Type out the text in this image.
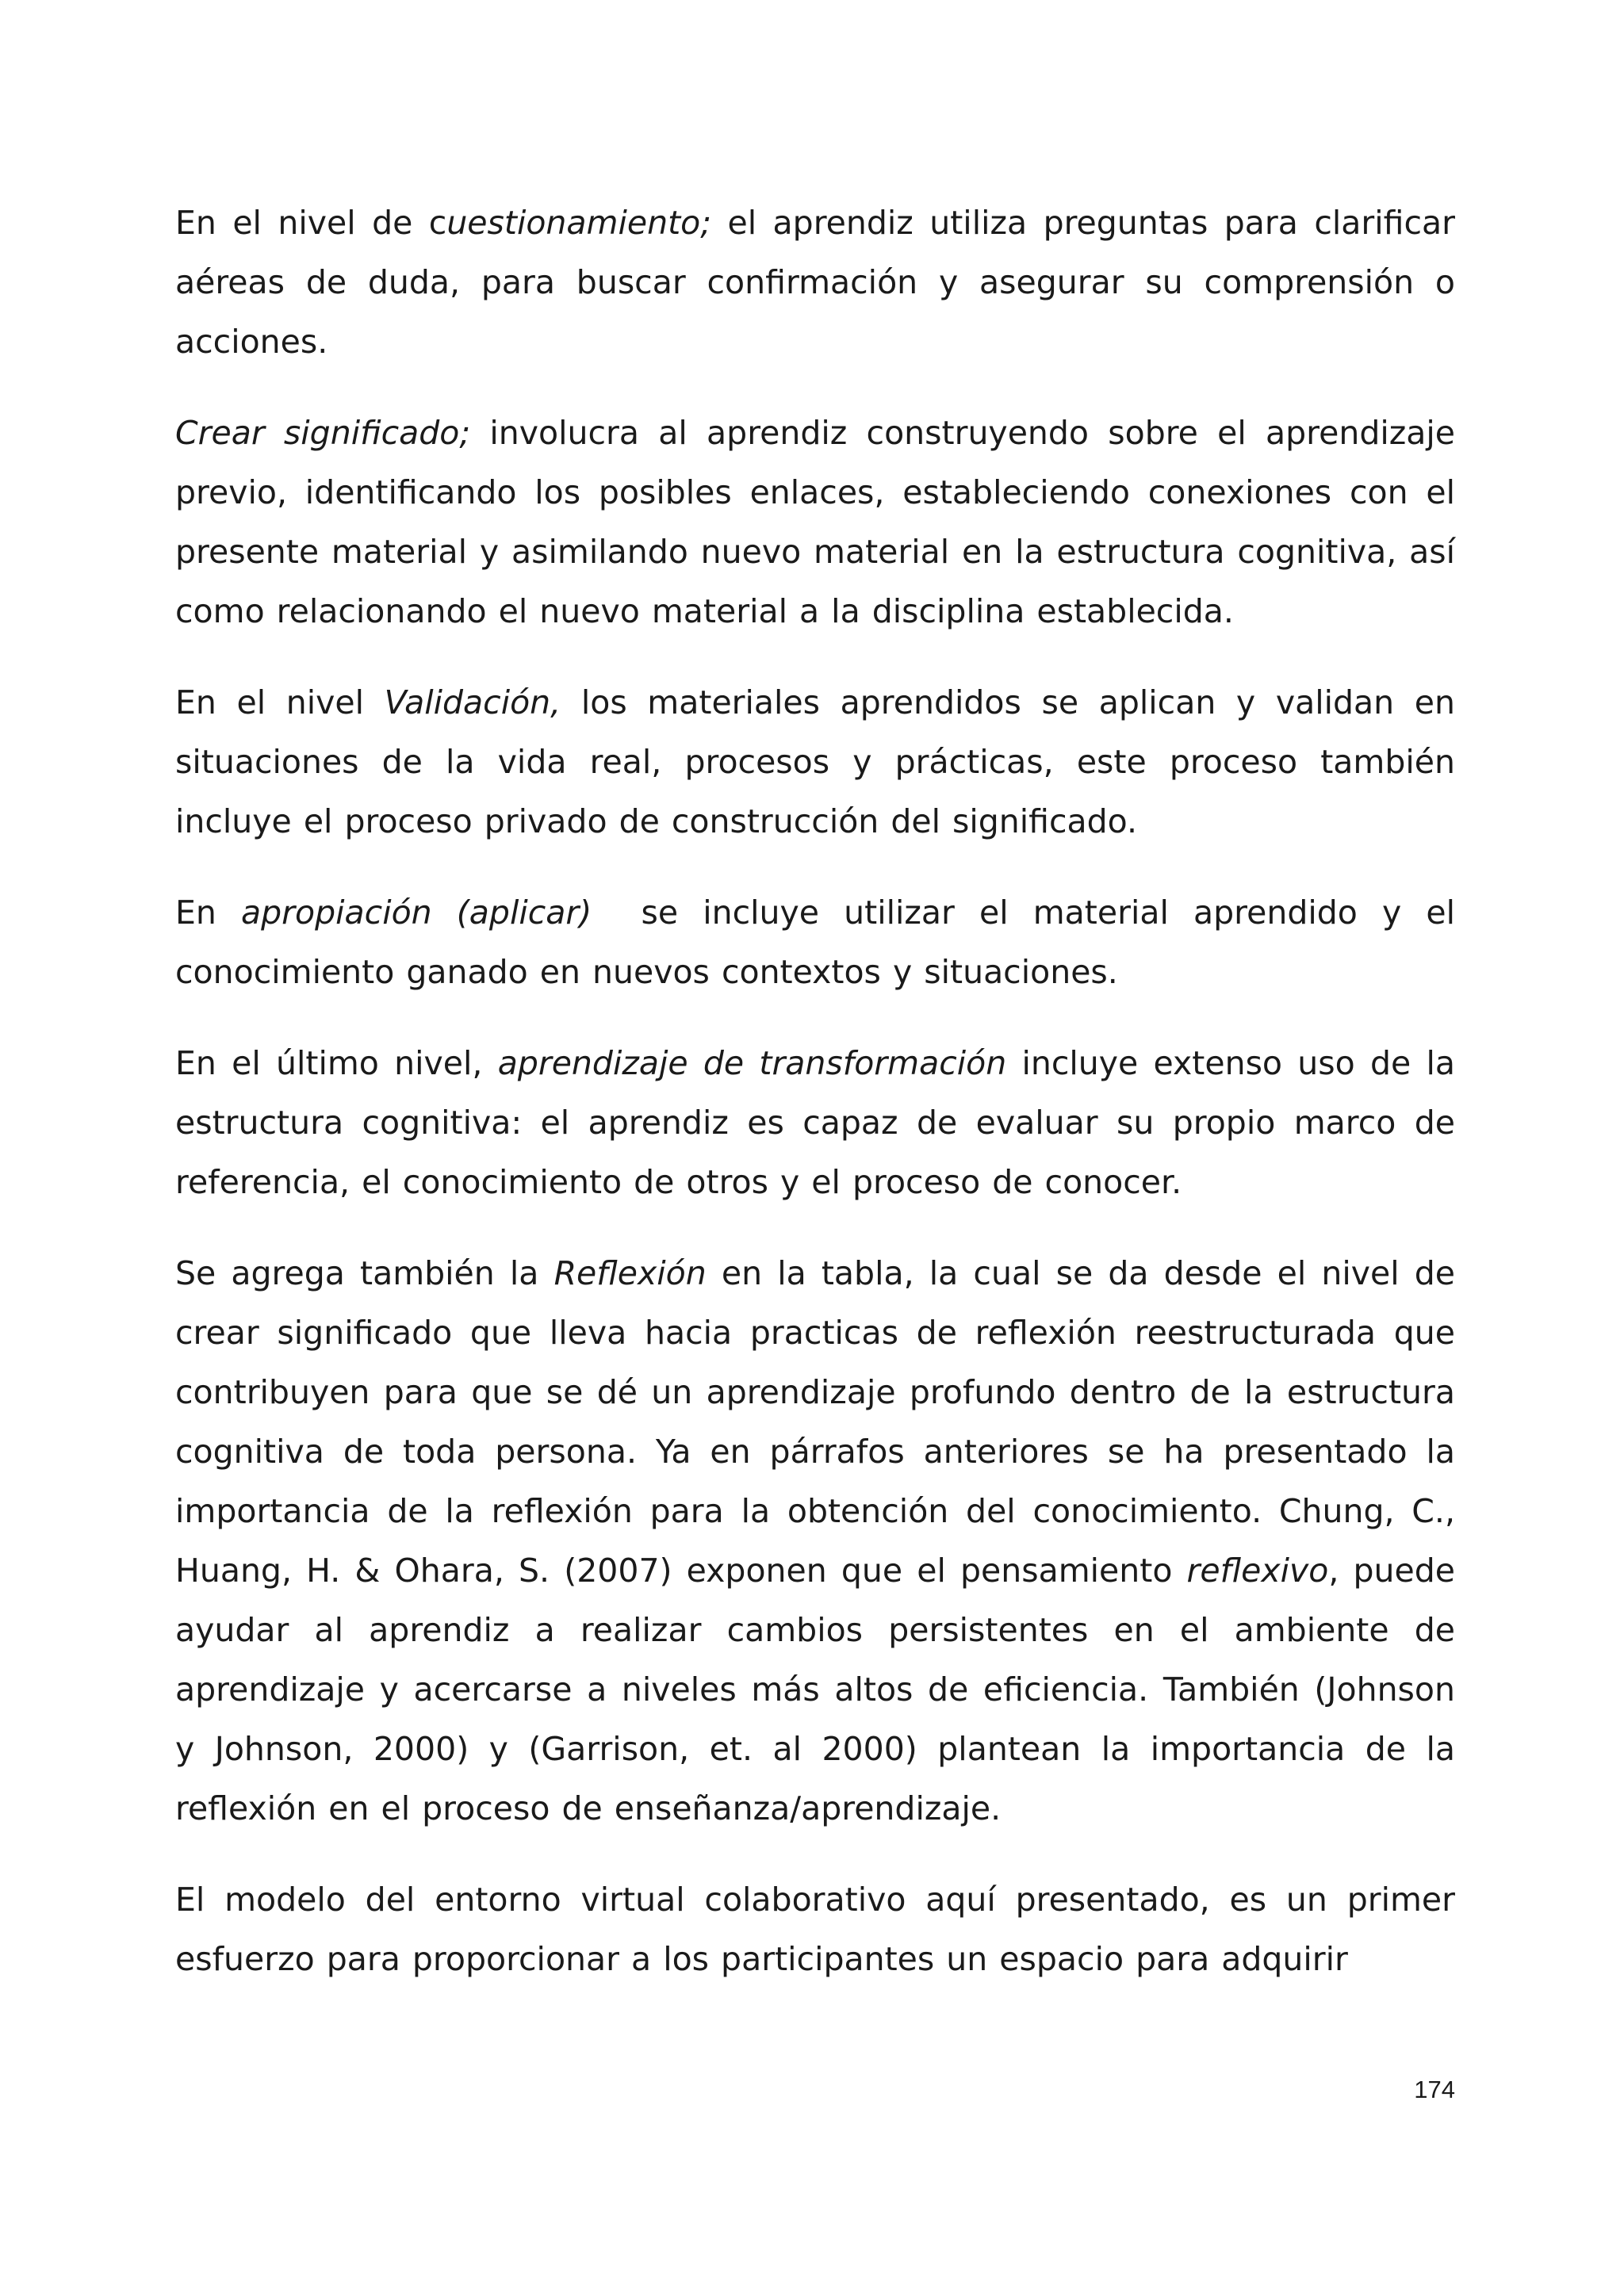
En el nivel de cuestionamiento; el aprendiz utiliza preguntas para clarificar aéreas de duda, para buscar confirmación y asegurar su comprensión o acciones.

Crear significado; involucra al aprendiz construyendo sobre el aprendizaje previo, identificando los posibles enlaces, estableciendo conexiones con el presente material y asimilando nuevo material en la estructura cognitiva, así como relacionando el nuevo material a la disciplina establecida.

En el nivel Validación, los materiales aprendidos se aplican y validan en situaciones de la vida real, procesos y prácticas, este proceso también incluye el proceso privado de construcción del significado.

En apropiación (aplicar)  se incluye utilizar el material aprendido y el conocimiento ganado en nuevos contextos y situaciones.

En el último nivel, aprendizaje de transformación incluye extenso uso de la estructura cognitiva: el aprendiz es capaz de evaluar su propio marco de referencia, el conocimiento de otros y el proceso de conocer.

Se agrega también la Reflexión en la tabla, la cual se da desde el nivel de crear significado que lleva hacia practicas de reflexión reestructurada que contribuyen para que se dé un aprendizaje profundo dentro de la estructura cognitiva de toda persona. Ya en párrafos anteriores se ha presentado la importancia de la reflexión para la obtención del conocimiento. Chung, C., Huang, H. & Ohara, S. (2007) exponen que el pensamiento reflexivo, puede ayudar al aprendiz a realizar cambios persistentes en el ambiente de aprendizaje y acercarse a niveles más altos de eficiencia. También (Johnson y Johnson, 2000) y (Garrison, et. al 2000) plantean la importancia de la reflexión en el proceso de enseñanza/aprendizaje.

El modelo del entorno virtual colaborativo aquí presentado, es un primer esfuerzo para proporcionar a los participantes un espacio para adquirir

174
